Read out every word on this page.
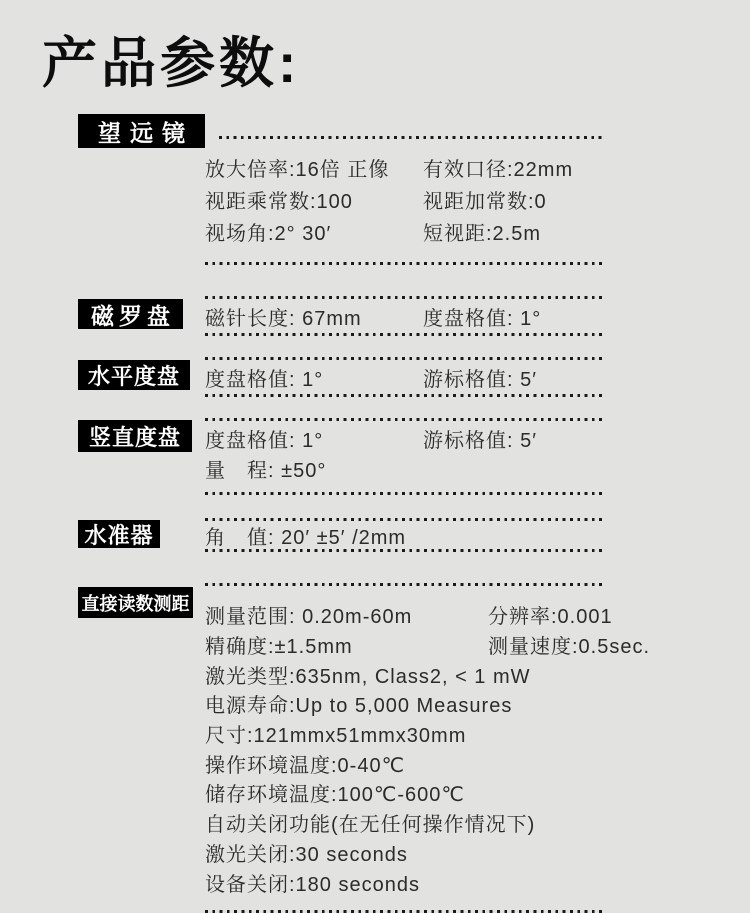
产品参数:
望远镜
放大倍率:16倍 正像	有效口径:22mm
视距乘常数:100	视距加常数:0
视场角:2° 30′	短视距:2.5m
磁罗盘	磁针长度: 67mm	度盘格值: 1°
水平度盘	度盘格值: 1°	游标格值: 5′
竖直度盘	度盘格值: 1°	游标格值: 5′
量　程: ±50°
水准器	角　值: 20′ ±5′ /2mm
直接读数测距
测量范围: 0.20m-60m	分辨率:0.001
精确度:±1.5mm	测量速度:0.5sec.
激光类型:635nm, Class2, < 1 mW
电源寿命:Up to 5,000 Measures
尺寸:121mmx51mmx30mm
操作环境温度:0-40℃
储存环境温度:100℃-600℃
自动关闭功能(在无任何操作情况下)
激光关闭:30 seconds
设备关闭:180 seconds
